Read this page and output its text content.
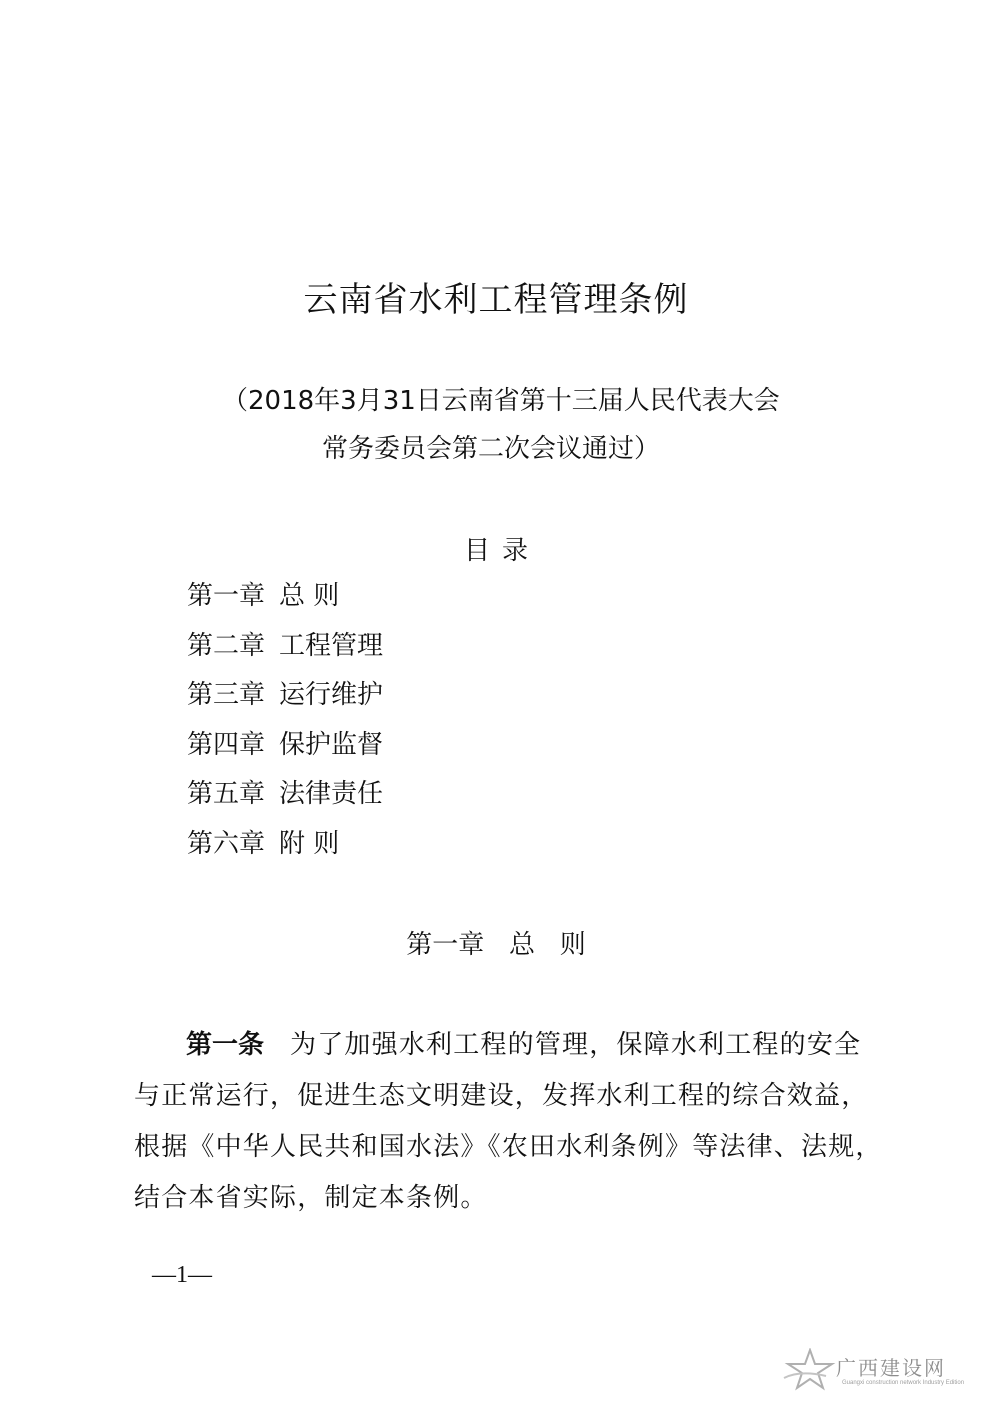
云南省水利工程管理条例
（2018年3月31日云南省第十三届人民代表大会
常务委员会第二次会议通过）
目录
第一章 总 则
第二章 工程管理
第三章 运行维护
第四章 保护监督
第五章 法律责任
第六章 附 则
第一章   总   则

第一条 为了加强水利工程的管理，保障水利工程的安全与正常运行，促进生态文明建设，发挥水利工程的综合效益，根据《中华人民共和国水法》《农田水利条例》等法律、法规，结合本省实际，制定本条例。

—1—
广西建设网
Guangxi construction network Industry Edition
